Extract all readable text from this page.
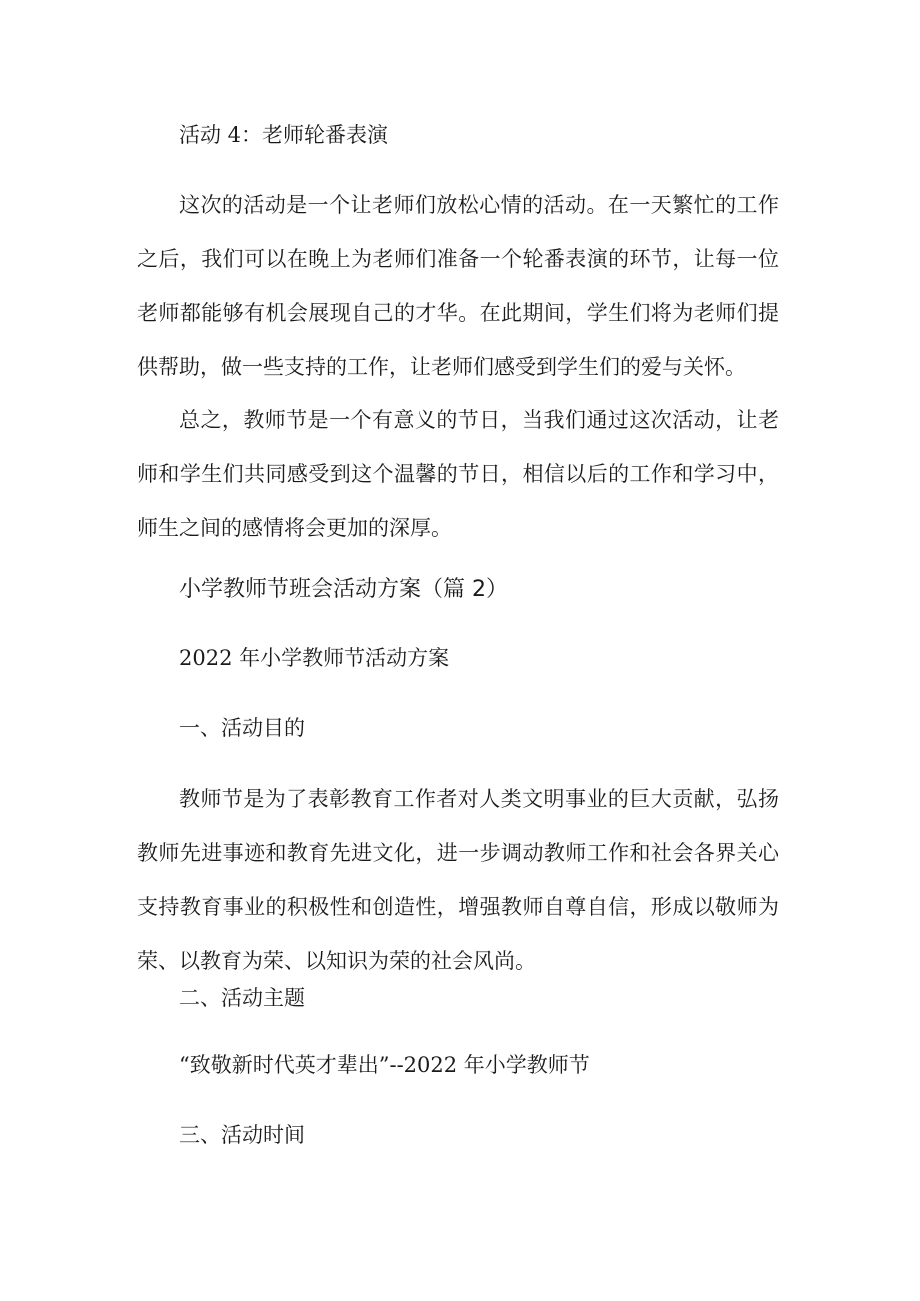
活动 4：老师轮番表演

这次的活动是一个让老师们放松心情的活动。在一天繁忙的工作之后，我们可以在晚上为老师们准备一个轮番表演的环节，让每一位老师都能够有机会展现自己的才华。在此期间，学生们将为老师们提供帮助，做一些支持的工作，让老师们感受到学生们的爱与关怀。

总之，教师节是一个有意义的节日，当我们通过这次活动，让老师和学生们共同感受到这个温馨的节日，相信以后的工作和学习中，师生之间的感情将会更加的深厚。

小学教师节班会活动方案（篇 2）
2022 年小学教师节活动方案
一、活动目的

教师节是为了表彰教育工作者对人类文明事业的巨大贡献，弘扬教师先进事迹和教育先进文化，进一步调动教师工作和社会各界关心支持教育事业的积极性和创造性，增强教师自尊自信，形成以敬师为荣、以教育为荣、以知识为荣的社会风尚。

二、活动主题
“致敬新时代英才辈出”--2022 年小学教师节
三、活动时间
